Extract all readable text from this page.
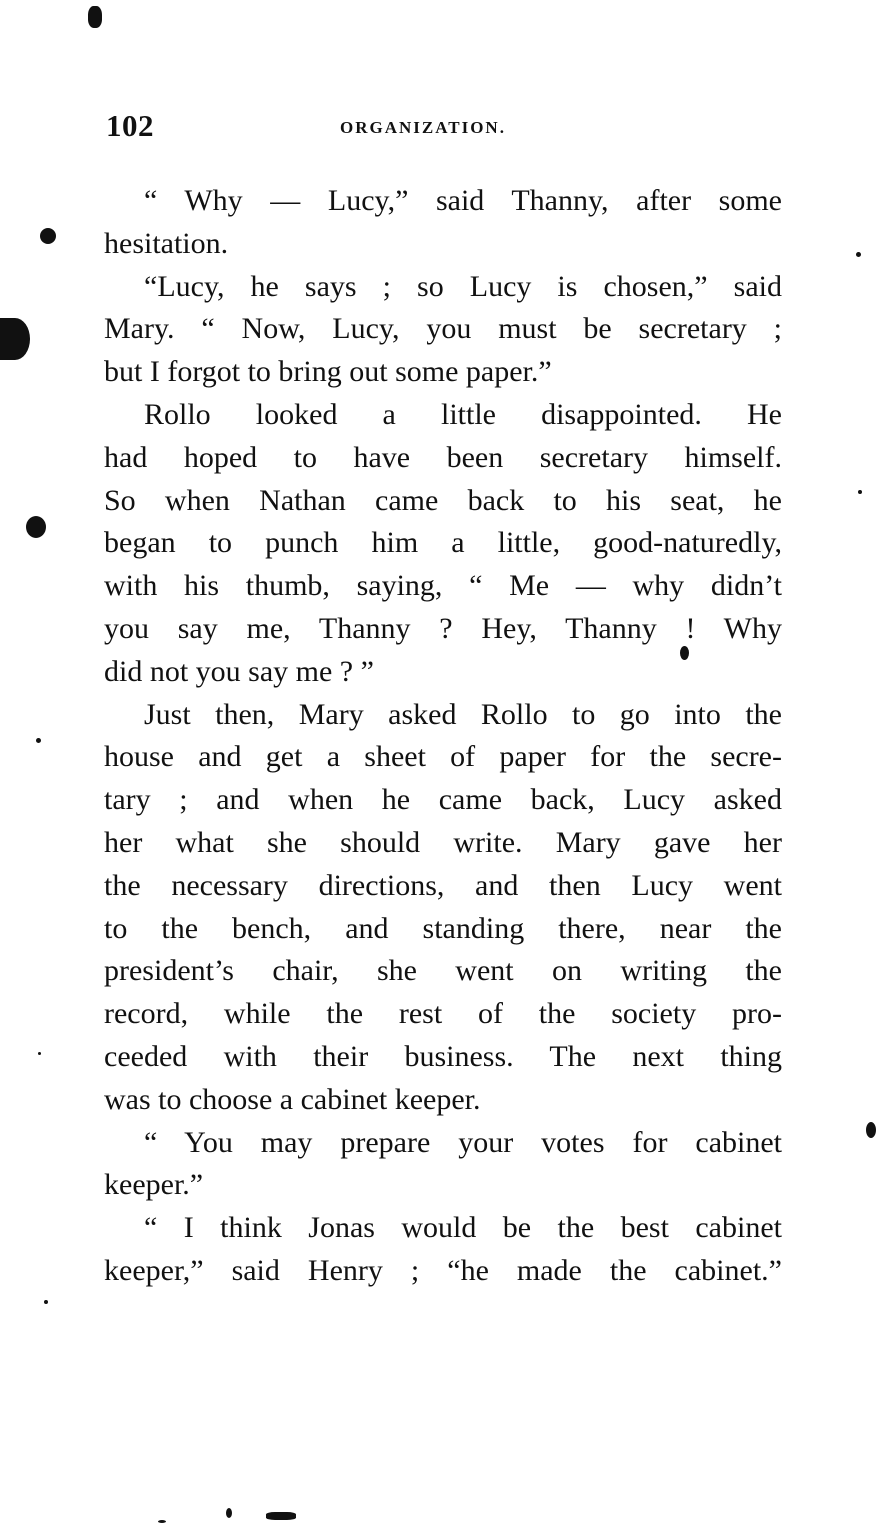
102	ORGANIZATION.
“ Why — Lucy,” said Thanny, after some
hesitation.
“Lucy, he says ; so Lucy is chosen,” said
Mary. “ Now, Lucy, you must be secretary ;
but I forgot to bring out some paper.”
Rollo looked a little disappointed. He
had hoped to have been secretary himself.
So when Nathan came back to his seat, he
began to punch him a little, good-naturedly,
with his thumb, saying, “ Me — why didn’t
you say me, Thanny ? Hey, Thanny ! Why
did not you say me ? ”
Just then, Mary asked Rollo to go into the
house and get a sheet of paper for the secre-
tary ; and when he came back, Lucy asked
her what she should write. Mary gave her
the necessary directions, and then Lucy went
to the bench, and standing there, near the
president’s chair, she went on writing the
record, while the rest of the society pro-
ceeded with their business. The next thing
was to choose a cabinet keeper.
“ You may prepare your votes for cabinet
keeper.”
“ I think Jonas would be the best cabinet
keeper,” said Henry ; “he made the cabinet.”
